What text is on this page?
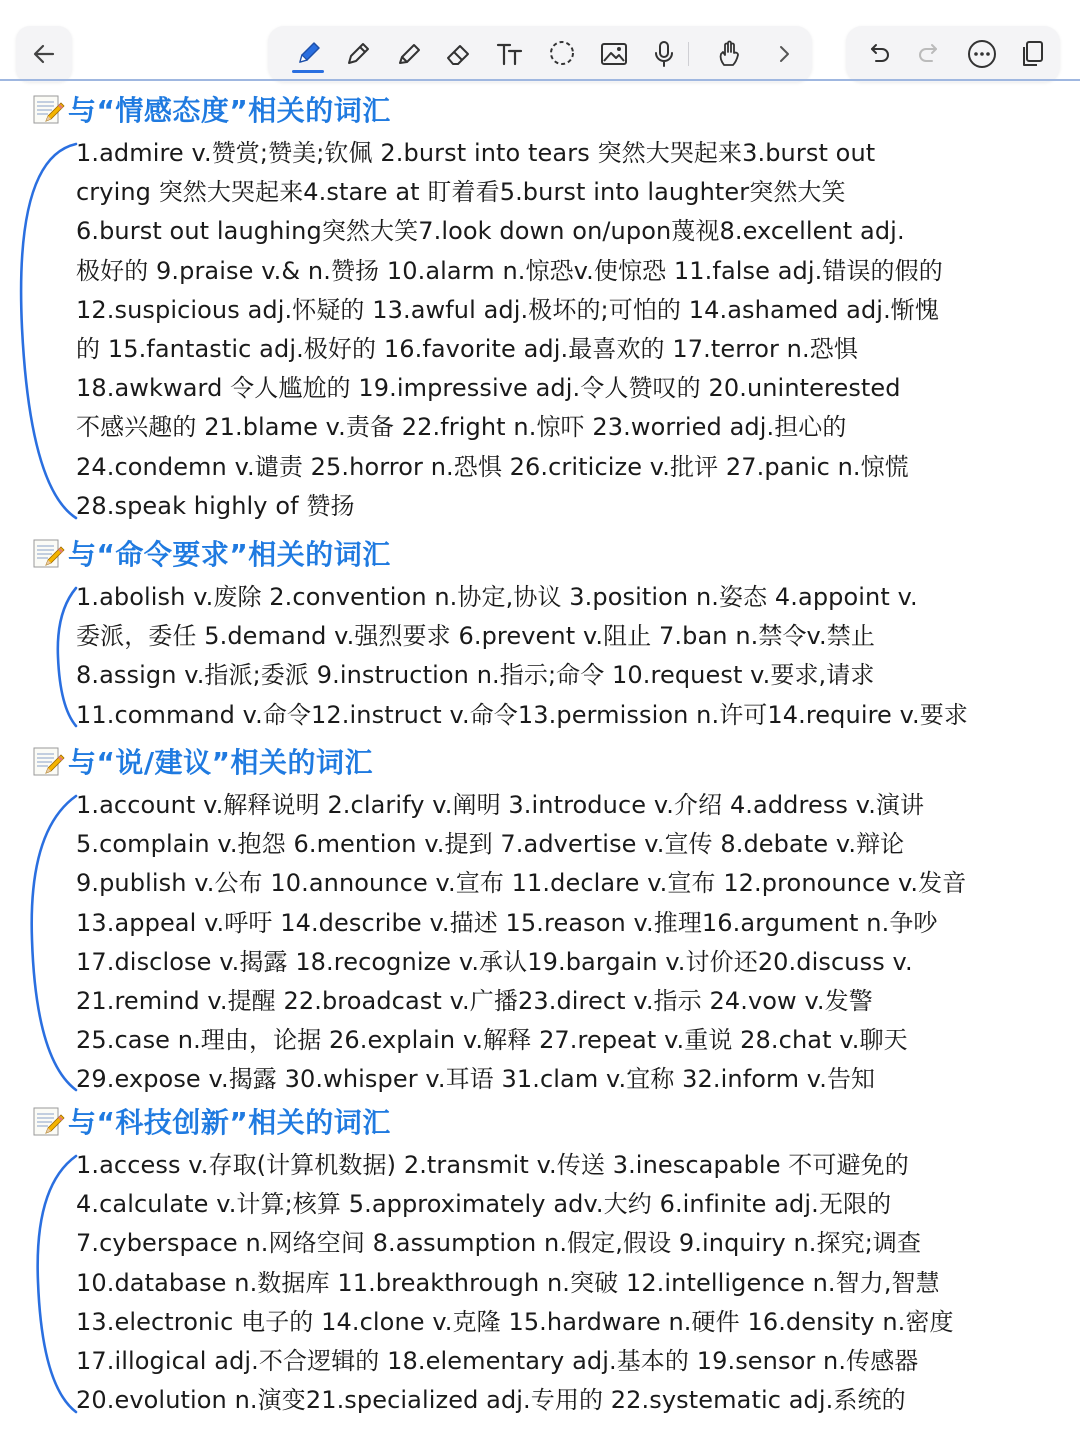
与“情感态度”相关的词汇
1.admire v.赞赏;赞美;钦佩 2.burst into tears 突然大哭起来3.burst out
crying 突然大哭起来4.stare at 盯着看5.burst into laughter突然大笑
6.burst out laughing突然大笑7.look down on/upon蔑视8.excellent adj.
极好的 9.praise v.& n.赞扬 10.alarm n.惊恐v.使惊恐 11.false adj.错误的假的
12.suspicious adj.怀疑的 13.awful adj.极坏的;可怕的 14.ashamed adj.惭愧
的 15.fantastic adj.极好的 16.favorite adj.最喜欢的 17.terror n.恐惧
18.awkward 令人尴尬的 19.impressive adj.令人赞叹的 20.uninterested
不感兴趣的 21.blame v.责备 22.fright n.惊吓 23.worried adj.担心的
24.condemn v.谴责 25.horror n.恐惧 26.criticize v.批评 27.panic n.惊慌
28.speak highly of 赞扬
与“命令要求”相关的词汇
1.abolish v.废除 2.convention n.协定,协议 3.position n.姿态 4.appoint v.
委派，委任 5.demand v.强烈要求 6.prevent v.阻止 7.ban n.禁令v.禁止
8.assign v.指派;委派 9.instruction n.指示;命令 10.request v.要求,请求
11.command v.命令12.instruct v.命令13.permission n.许可14.require v.要求
与“说/建议”相关的词汇
1.account v.解释说明 2.clarify v.阐明 3.introduce v.介绍 4.address v.演讲
5.complain v.抱怨 6.mention v.提到 7.advertise v.宣传 8.debate v.辩论
9.publish v.公布 10.announce v.宣布 11.declare v.宣布 12.pronounce v.发音
13.appeal v.呼吁 14.describe v.描述 15.reason v.推理16.argument n.争吵
17.disclose v.揭露 18.recognize v.承认19.bargain v.讨价还20.discuss v.
21.remind v.提醒 22.broadcast v.广播23.direct v.指示 24.vow v.发警
25.case n.理由，论据 26.explain v.解释 27.repeat v.重说 28.chat v.聊天
29.expose v.揭露 30.whisper v.耳语 31.clam v.宜称 32.inform v.告知
与“科技创新”相关的词汇
1.access v.存取(计算机数据) 2.transmit v.传送 3.inescapable 不可避免的
4.calculate v.计算;核算 5.approximately adv.大约 6.infinite adj.无限的
7.cyberspace n.网络空间 8.assumption n.假定,假设 9.inquiry n.探究;调查
10.database n.数据库 11.breakthrough n.突破 12.intelligence n.智力,智慧
13.electronic 电子的 14.clone v.克隆 15.hardware n.硬件 16.density n.密度
17.illogical adj.不合逻辑的 18.elementary adj.基本的 19.sensor n.传感器
20.evolution n.演变21.specialized adj.专用的 22.systematic adj.系统的
